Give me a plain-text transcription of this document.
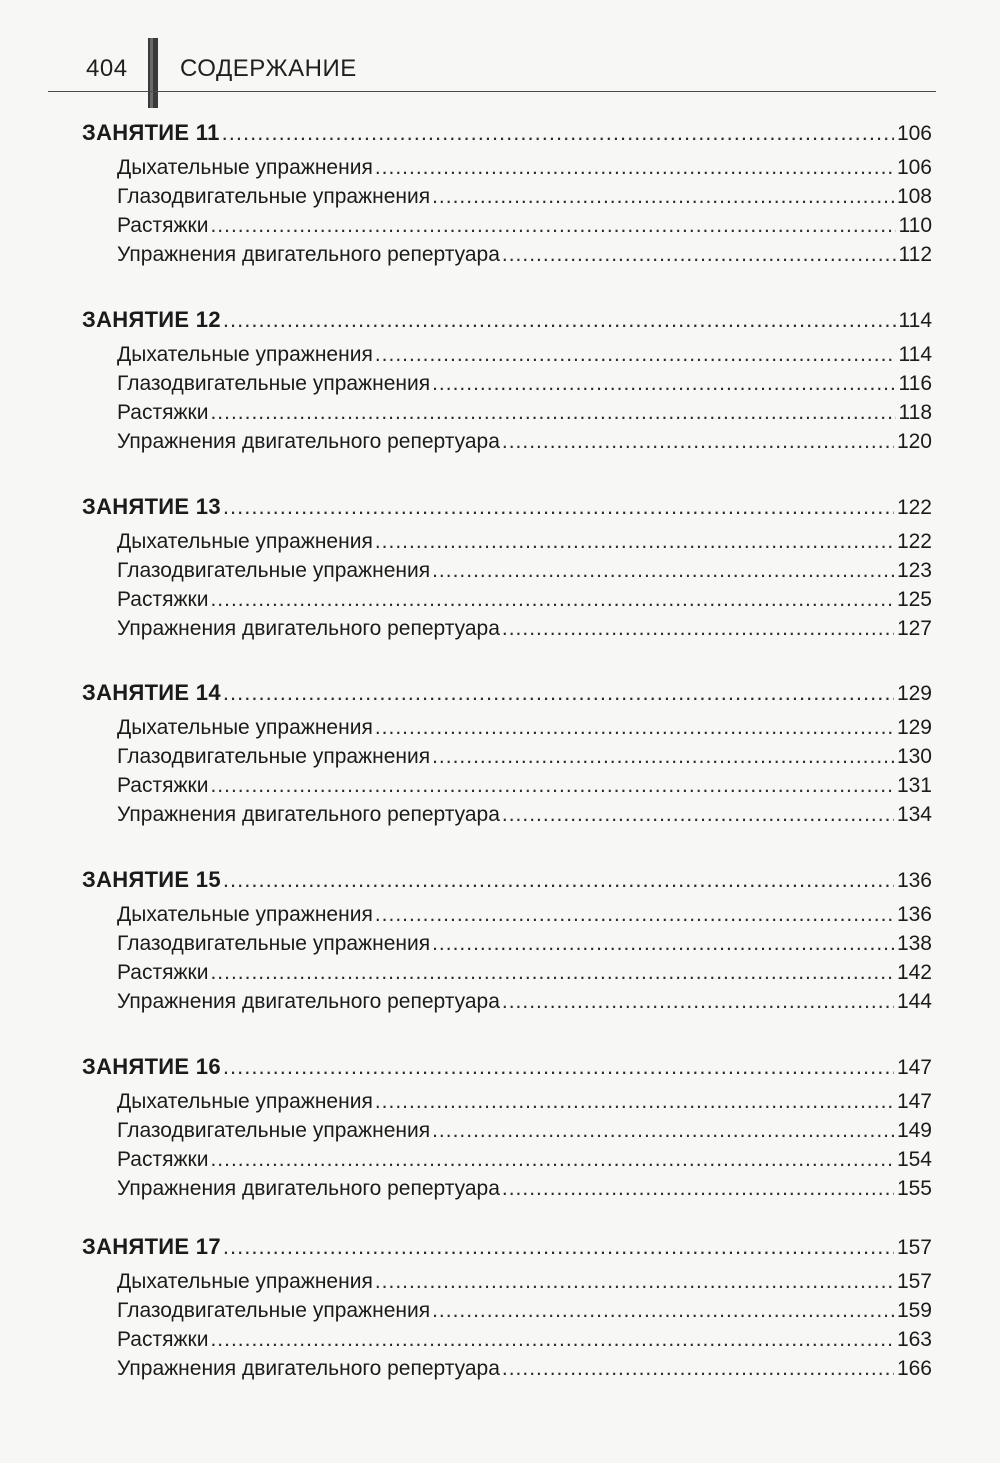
404 СОДЕРЖАНИЕ
ЗАНЯТИЕ 11 .....	106
Дыхательные упражнения .....	106
Глазодвигательные упражнения .....	108
Растяжки .....	110
Упражнения двигательного репертуара .....	112
ЗАНЯТИЕ 12 .....	114
Дыхательные упражнения .....	114
Глазодвигательные упражнения .....	116
Растяжки .....	118
Упражнения двигательного репертуара .....	120
ЗАНЯТИЕ 13 .....	122
Дыхательные упражнения .....	122
Глазодвигательные упражнения .....	123
Растяжки .....	125
Упражнения двигательного репертуара .....	127
ЗАНЯТИЕ 14 .....	129
Дыхательные упражнения .....	129
Глазодвигательные упражнения .....	130
Растяжки .....	131
Упражнения двигательного репертуара .....	134
ЗАНЯТИЕ 15 .....	136
Дыхательные упражнения .....	136
Глазодвигательные упражнения .....	138
Растяжки .....	142
Упражнения двигательного репертуара .....	144
ЗАНЯТИЕ 16 .....	147
Дыхательные упражнения .....	147
Глазодвигательные упражнения .....	149
Растяжки .....	154
Упражнения двигательного репертуара .....	155
ЗАНЯТИЕ 17 .....	157
Дыхательные упражнения .....	157
Глазодвигательные упражнения .....	159
Растяжки .....	163
Упражнения двигательного репертуара .....	166
